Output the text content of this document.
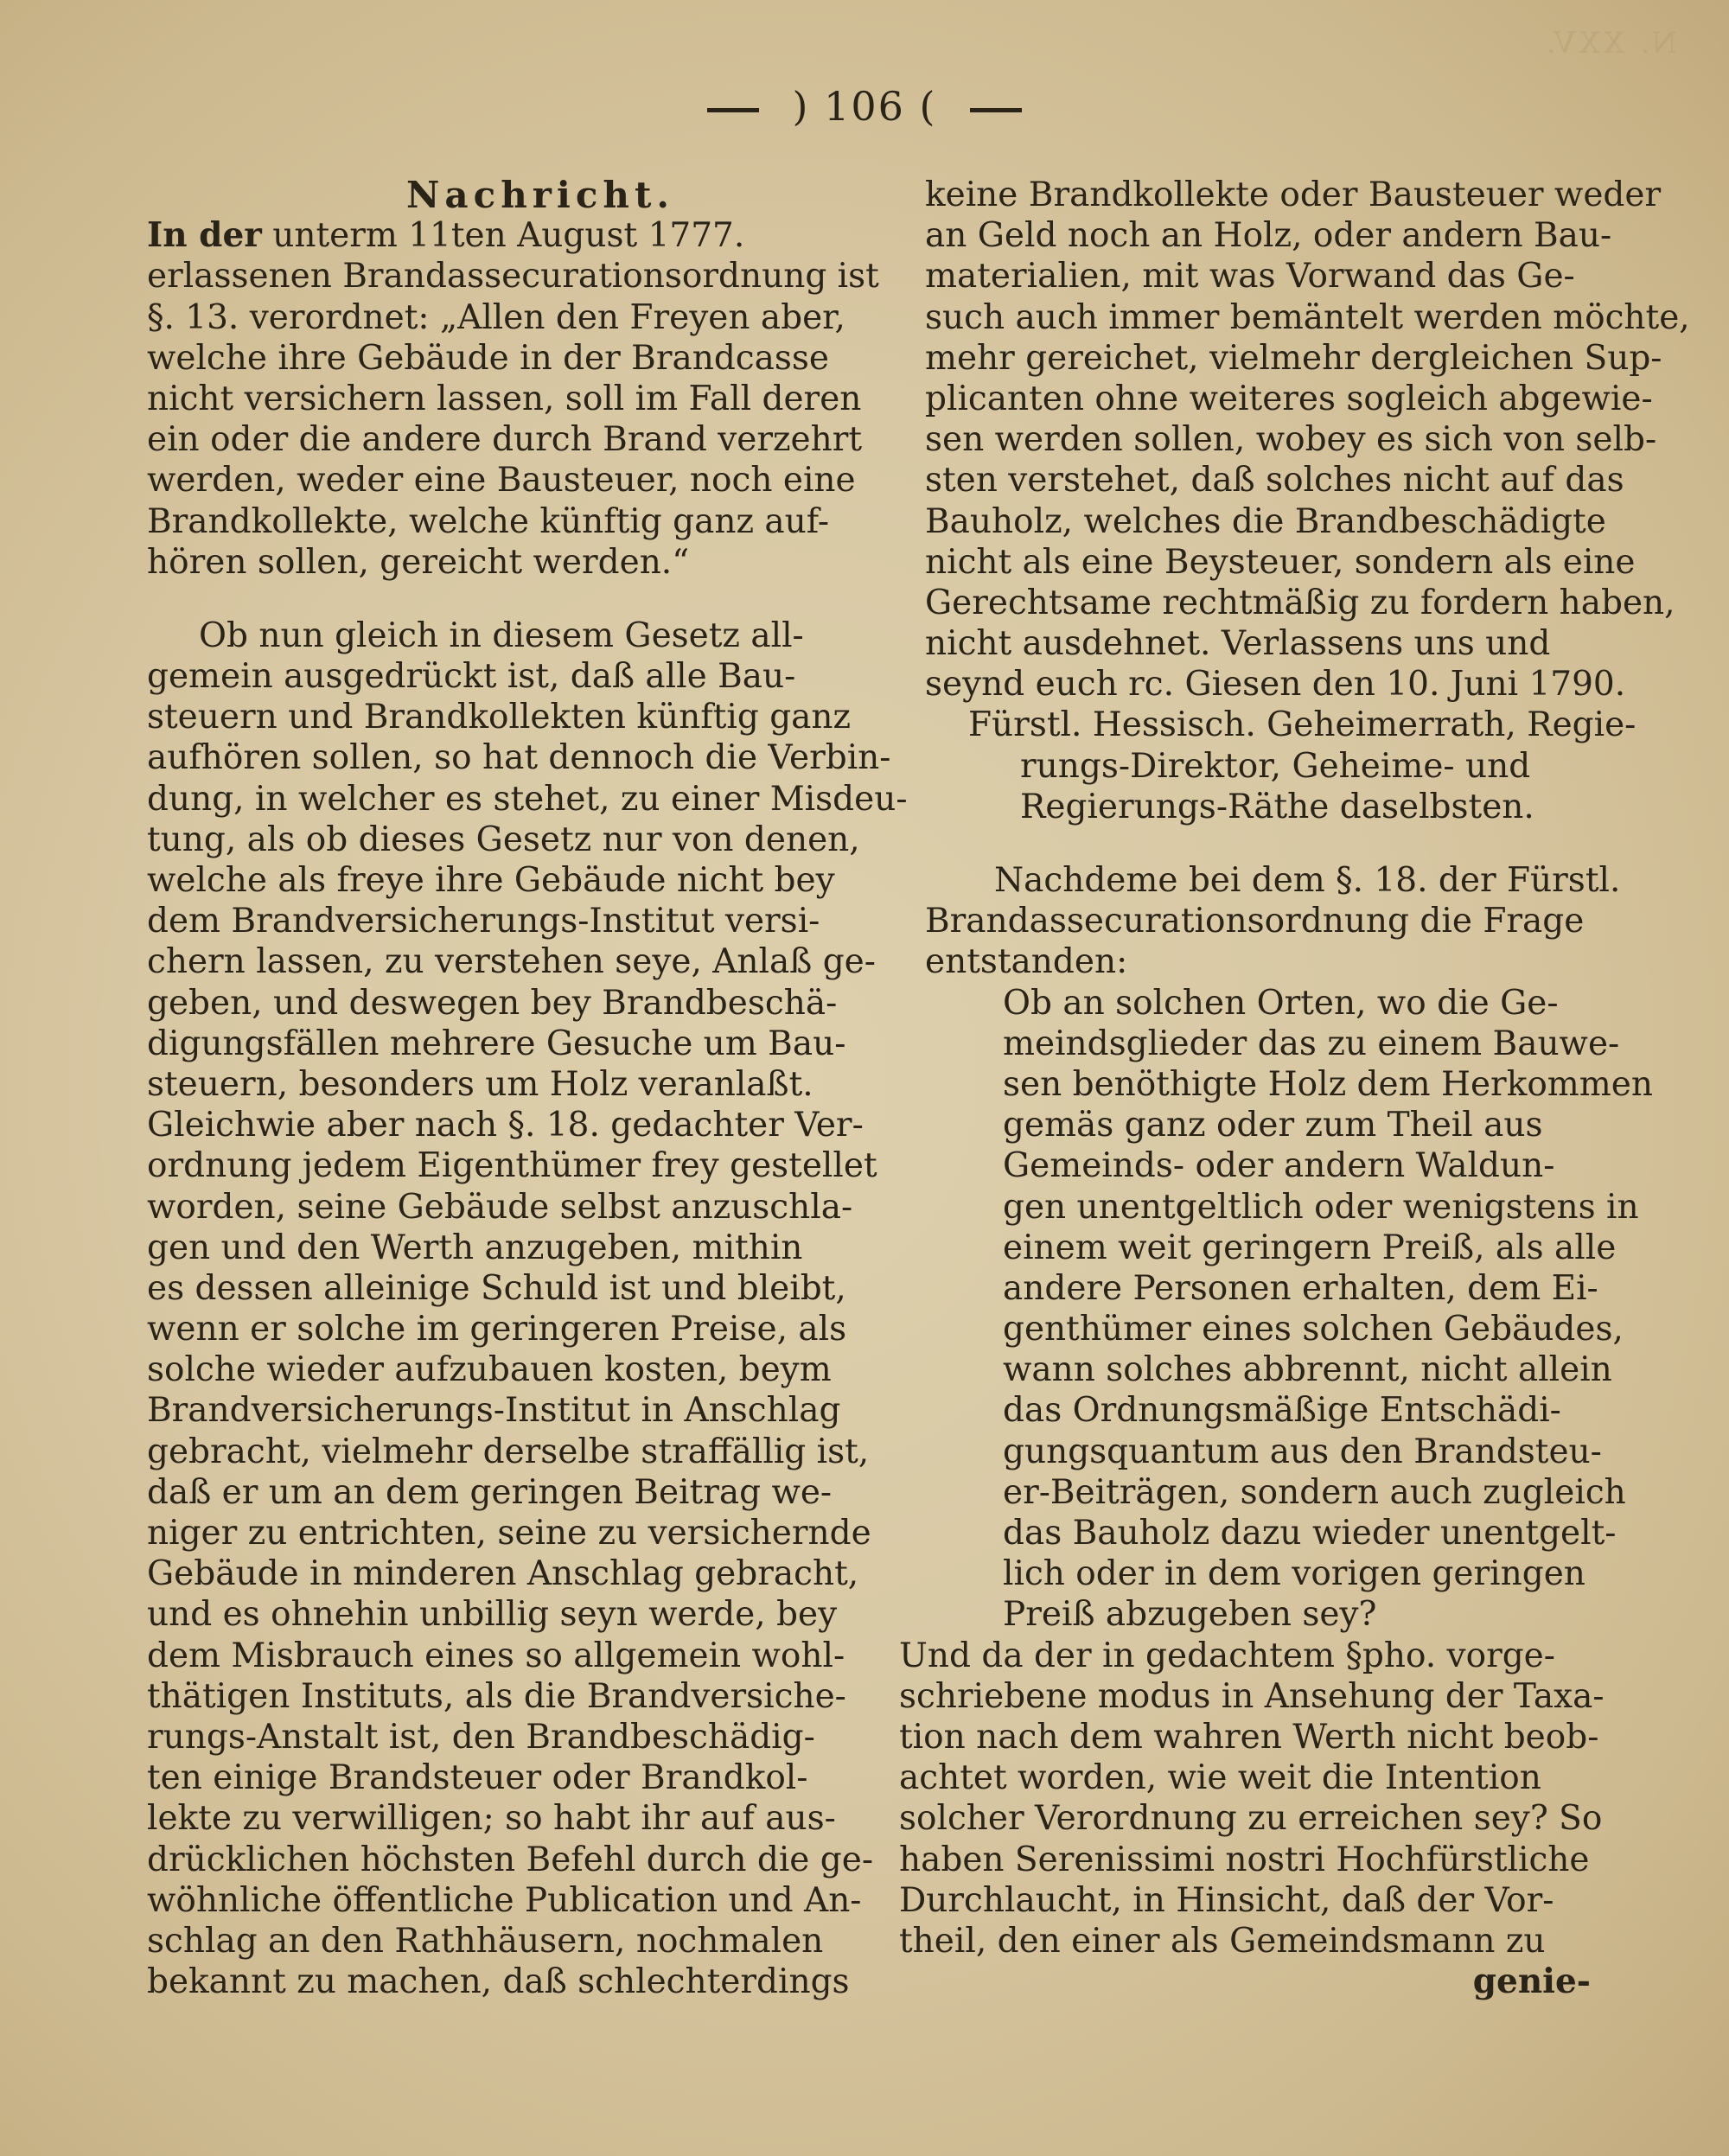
N. XXV.
) 106 (
Nachricht.
In der unterm 11ten August 1777.
erlassenen Brandassecurationsordnung ist
§. 13. verordnet: „Allen den Freyen aber,
welche ihre Gebäude in der Brandcasse
nicht versichern lassen, soll im Fall deren
ein oder die andere durch Brand verzehrt
werden, weder eine Bausteuer, noch eine
Brandkollekte, welche künftig ganz auf-
hören sollen, gereicht werden.“
Ob nun gleich in diesem Gesetz all-
gemein ausgedrückt ist, daß alle Bau-
steuern und Brandkollekten künftig ganz
aufhören sollen, so hat dennoch die Verbin-
dung, in welcher es stehet, zu einer Misdeu-
tung, als ob dieses Gesetz nur von denen,
welche als freye ihre Gebäude nicht bey
dem Brandversicherungs-Institut versi-
chern lassen, zu verstehen seye, Anlaß ge-
geben, und deswegen bey Brandbeschä-
digungsfällen mehrere Gesuche um Bau-
steuern, besonders um Holz veranlaßt.
Gleichwie aber nach §. 18. gedachter Ver-
ordnung jedem Eigenthümer frey gestellet
worden, seine Gebäude selbst anzuschla-
gen und den Werth anzugeben, mithin
es dessen alleinige Schuld ist und bleibt,
wenn er solche im geringeren Preise, als
solche wieder aufzubauen kosten, beym
Brandversicherungs-Institut in Anschlag
gebracht, vielmehr derselbe straffällig ist,
daß er um an dem geringen Beitrag we-
niger zu entrichten, seine zu versichernde
Gebäude in minderen Anschlag gebracht,
und es ohnehin unbillig seyn werde, bey
dem Misbrauch eines so allgemein wohl-
thätigen Instituts, als die Brandversiche-
rungs-Anstalt ist, den Brandbeschädig-
ten einige Brandsteuer oder Brandkol-
lekte zu verwilligen; so habt ihr auf aus-
drücklichen höchsten Befehl durch die ge-
wöhnliche öffentliche Publication und An-
schlag an den Rathhäusern, nochmalen
bekannt zu machen, daß schlechterdings
keine Brandkollekte oder Bausteuer weder
an Geld noch an Holz, oder andern Bau-
materialien, mit was Vorwand das Ge-
such auch immer bemäntelt werden möchte,
mehr gereichet, vielmehr dergleichen Sup-
plicanten ohne weiteres sogleich abgewie-
sen werden sollen, wobey es sich von selb-
sten verstehet, daß solches nicht auf das
Bauholz, welches die Brandbeschädigte
nicht als eine Beysteuer, sondern als eine
Gerechtsame rechtmäßig zu fordern haben,
nicht ausdehnet. Verlassens uns und
seynd euch rc. Giesen den 10. Juni 1790.
Fürstl. Hessisch. Geheimerrath, Regie-
rungs-Direktor, Geheime- und
Regierungs-Räthe daselbsten.
Nachdeme bei dem §. 18. der Fürstl.
Brandassecurationsordnung die Frage
entstanden:
Ob an solchen Orten, wo die Ge-
meindsglieder das zu einem Bauwe-
sen benöthigte Holz dem Herkommen
gemäs ganz oder zum Theil aus
Gemeinds- oder andern Waldun-
gen unentgeltlich oder wenigstens in
einem weit geringern Preiß, als alle
andere Personen erhalten, dem Ei-
genthümer eines solchen Gebäudes,
wann solches abbrennt, nicht allein
das Ordnungsmäßige Entschädi-
gungsquantum aus den Brandsteu-
er-Beiträgen, sondern auch zugleich
das Bauholz dazu wieder unentgelt-
lich oder in dem vorigen geringen
Preiß abzugeben sey?
Und da der in gedachtem §pho. vorge-
schriebene modus in Ansehung der Taxa-
tion nach dem wahren Werth nicht beob-
achtet worden, wie weit die Intention
solcher Verordnung zu erreichen sey? So
haben Serenissimi nostri Hochfürstliche
Durchlaucht, in Hinsicht, daß der Vor-
theil, den einer als Gemeindsmann zu
genie-
